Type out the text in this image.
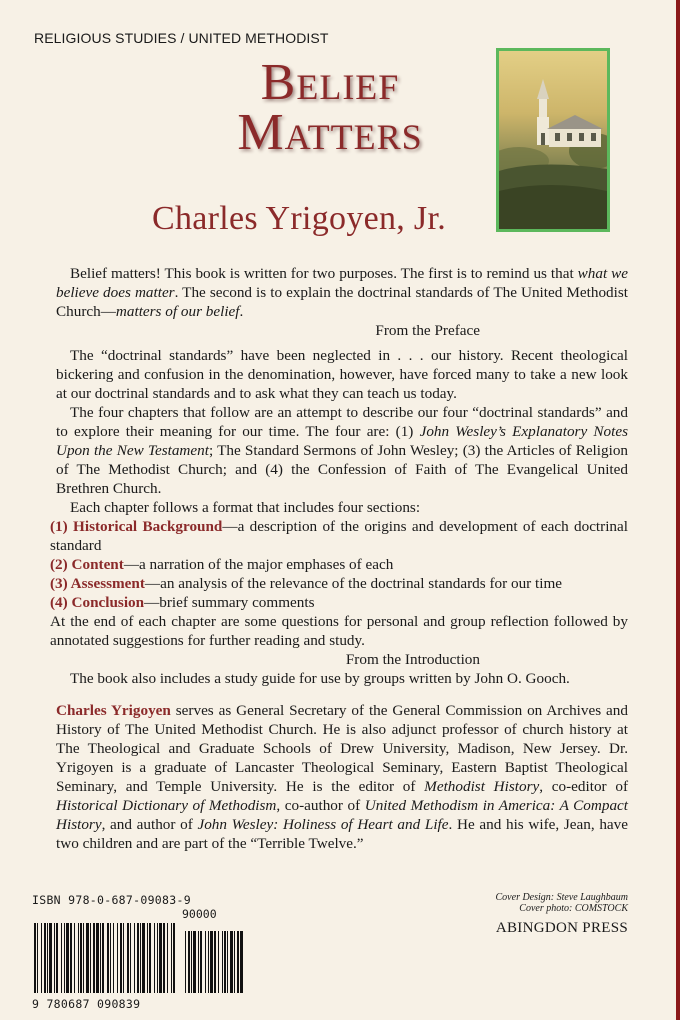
RELIGIOUS STUDIES / UNITED METHODIST
Belief
Matters
Charles Yrigoyen, Jr.

Belief matters! This book is written for two purposes. The first is to remind us that what we believe does matter. The second is to explain the doctrinal standards of The United Methodist Church—matters of our belief.

From the Preface

The “doctrinal standards” have been neglected in . . . our history. Recent theological bickering and confusion in the denomination, however, have forced many to take a new look at our doctrinal standards and to ask what they can teach us today.

The four chapters that follow are an attempt to describe our four “doctrinal standards” and to explore their meaning for our time. The four are: (1) John Wesley’s Explanatory Notes Upon the New Testament; The Standard Sermons of John Wesley; (3) the Articles of Religion of The Methodist Church; and (4) the Confession of Faith of The Evangelical United Brethren Church.

Each chapter follows a format that includes four sections:

(1) Historical Background—a description of the origins and development of each doctrinal standard

(2) Content—a narration of the major emphases of each

(3) Assessment—an analysis of the relevance of the doctrinal standards for our time

(4) Conclusion—brief summary comments

At the end of each chapter are some questions for personal and group reflection followed by annotated suggestions for further reading and study.

From the Introduction

The book also includes a study guide for use by groups written by John O. Gooch.

Charles Yrigoyen serves as General Secretary of the General Commission on Archives and History of The United Methodist Church. He is also adjunct professor of church history at The Theological and Graduate Schools of Drew University, Madison, New Jersey. Dr. Yrigoyen is a graduate of Lancaster Theological Seminary, Eastern Baptist Theological Seminary, and Temple University. He is the editor of Methodist History, co-editor of Historical Dictionary of Methodism, co-author of United Methodism in America: A Compact History, and author of John Wesley: Holiness of Heart and Life. He and his wife, Jean, have two children and are part of the “Terrible Twelve.”

ISBN 978-0-687-09083-9
90000
9 780687 090839
Cover Design: Steve Laughbaum
Cover photo: COMSTOCK
ABINGDON PRESS
